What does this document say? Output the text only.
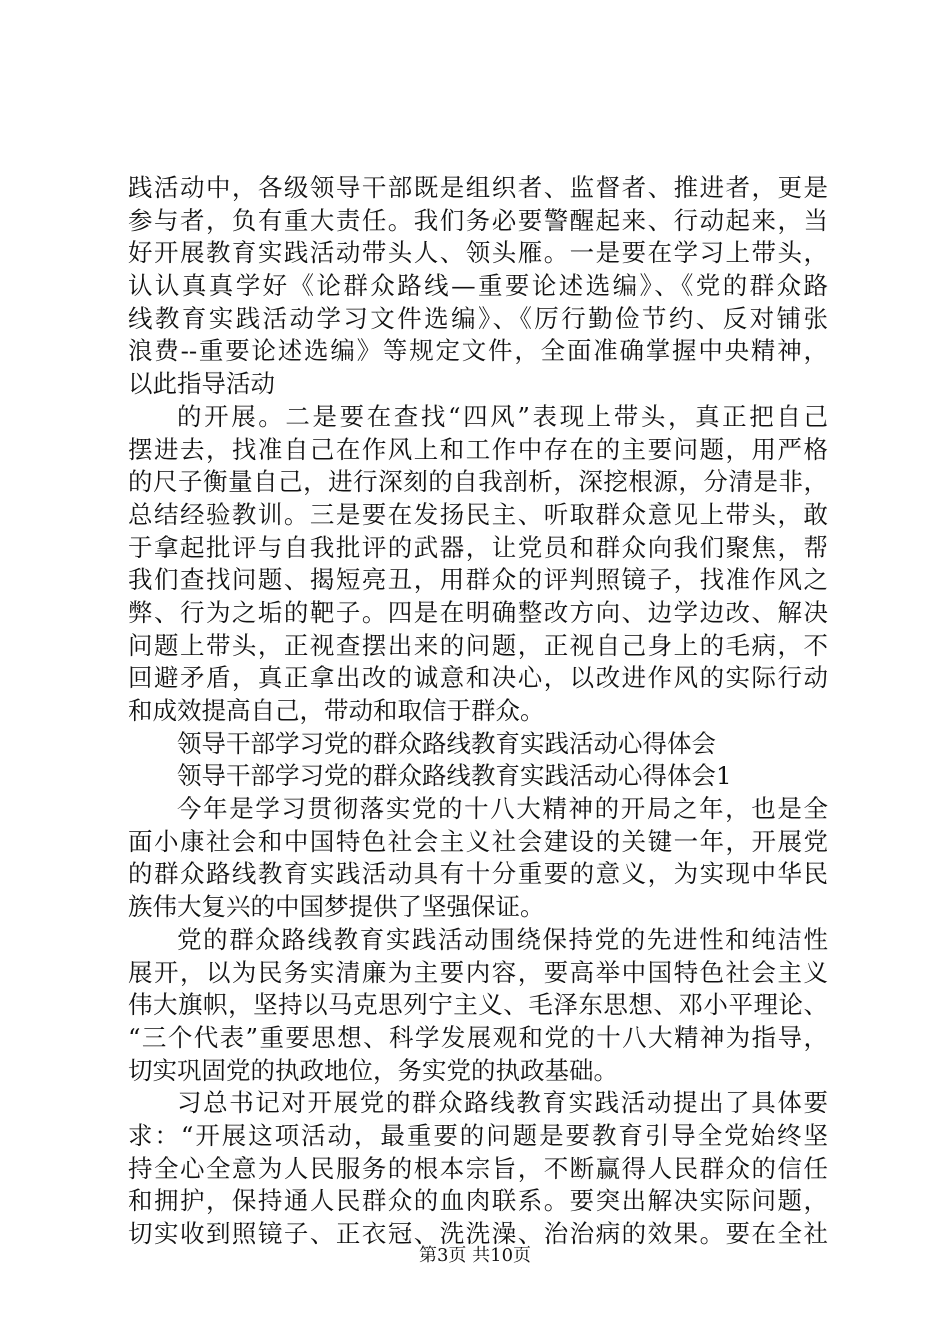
践活动中，各级领导干部既是组织者、监督者、推进者，更是
参与者，负有重大责任。我们务必要警醒起来、行动起来，当
好开展教育实践活动带头人、领头雁。一是要在学习上带头，
认认真真学好《论群众路线—重要论述选编》、《党的群众路
线教育实践活动学习文件选编》、《厉行勤俭节约、反对铺张
浪费--重要论述选编》等规定文件，全面准确掌握中央精神，
以此指导活动
的开展。二是要在查找“四风”表现上带头，真正把自己
摆进去，找准自己在作风上和工作中存在的主要问题，用严格
的尺子衡量自己，进行深刻的自我剖析，深挖根源，分清是非，
总结经验教训。三是要在发扬民主、听取群众意见上带头，敢
于拿起批评与自我批评的武器，让党员和群众向我们聚焦，帮
我们查找问题、揭短亮丑，用群众的评判照镜子，找准作风之
弊、行为之垢的靶子。四是在明确整改方向、边学边改、解决
问题上带头，正视查摆出来的问题，正视自己身上的毛病，不
回避矛盾，真正拿出改的诚意和决心，以改进作风的实际行动
和成效提高自己，带动和取信于群众。
领导干部学习党的群众路线教育实践活动心得体会
领导干部学习党的群众路线教育实践活动心得体会1
今年是学习贯彻落实党的十八大精神的开局之年，也是全
面小康社会和中国特色社会主义社会建设的关键一年，开展党
的群众路线教育实践活动具有十分重要的意义，为实现中华民
族伟大复兴的中国梦提供了坚强保证。
党的群众路线教育实践活动围绕保持党的先进性和纯洁性
展开，以为民务实清廉为主要内容，要高举中国特色社会主义
伟大旗帜，坚持以马克思列宁主义、毛泽东思想、邓小平理论、
“三个代表”重要思想、科学发展观和党的十八大精神为指导，
切实巩固党的执政地位，务实党的执政基础。
习总书记对开展党的群众路线教育实践活动提出了具体要
求：“开展这项活动，最重要的问题是要教育引导全党始终坚
持全心全意为人民服务的根本宗旨，不断赢得人民群众的信任
和拥护，保持通人民群众的血肉联系。要突出解决实际问题，
切实收到照镜子、正衣冠、洗洗澡、治治病的效果。要在全社
第3页 共10页
